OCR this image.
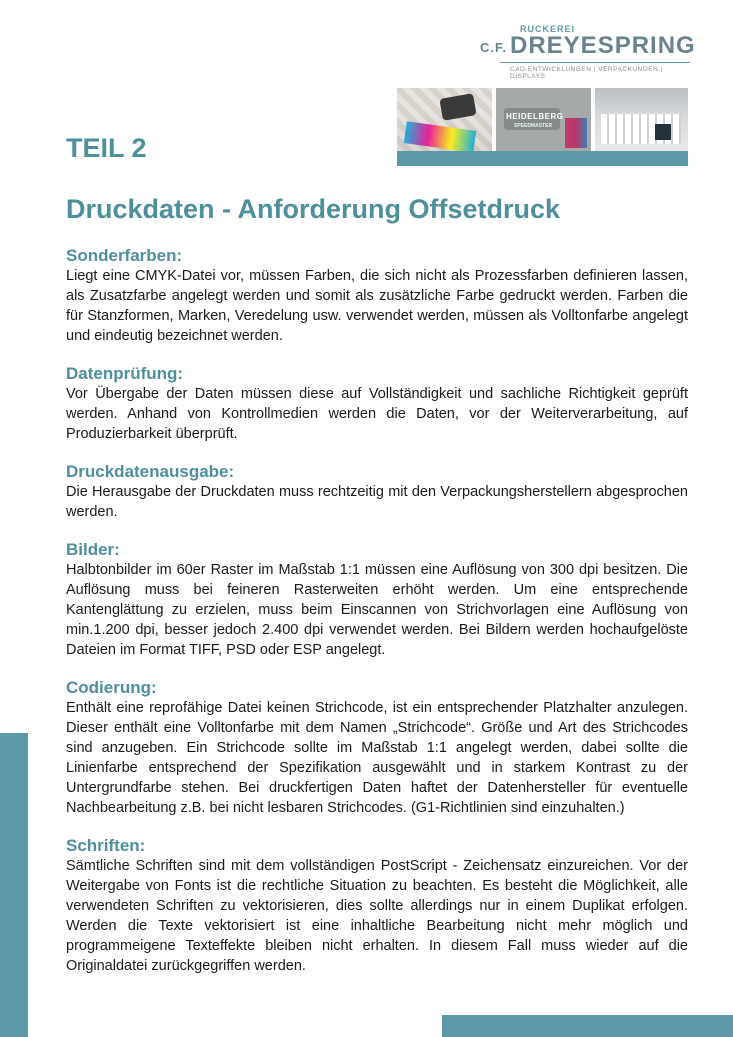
C.F.
RUCKEREI
DREYESPRING
CAD-ENTWICKLUNGEN | VERPACKUNGEN | DISPLAYS
HEIDELBERG
SPEEDMASTER
TEIL 2
Druckdaten - Anforderung Offsetdruck
Sonderfarben:

Liegt eine CMYK-Datei vor, müssen Farben, die sich nicht als Prozessfarben definieren lassen, als Zusatzfarbe angelegt werden und somit als zusätzliche Farbe gedruckt werden. Farben die für Stanzformen, Marken, Veredelung usw. verwendet werden, müssen als Volltonfarbe angelegt und eindeutig bezeichnet werden.

Datenprüfung:

Vor Übergabe der Daten müssen diese auf Vollständigkeit und sachliche Richtigkeit geprüft werden. Anhand von Kontrollmedien werden die Daten, vor der Weiterverarbeitung, auf Produzierbarkeit überprüft.

Druckdatenausgabe:

Die Herausgabe der Druckdaten muss rechtzeitig mit den Verpackungsherstellern abgesprochen werden.

Bilder:

Halbtonbilder im 60er Raster im Maßstab 1:1 müssen eine Auflösung von 300 dpi besitzen. Die Auflösung muss bei feineren Rasterweiten erhöht werden. Um eine entsprechende Kantenglättung zu erzielen, muss beim Einscannen von Strichvorlagen eine Auflösung von min.1.200 dpi, besser jedoch 2.400 dpi verwendet werden. Bei Bildern werden hochaufgelöste Dateien im Format TIFF, PSD oder ESP angelegt.

Codierung:

Enthält eine reprofähige Datei keinen Strichcode, ist ein entsprechender Platzhalter anzulegen. Dieser enthält eine Volltonfarbe mit dem Namen „Strichcode“. Größe und Art des Strichcodes sind anzugeben. Ein Strichcode sollte im Maßstab 1:1 angelegt werden, dabei sollte die Linienfarbe entsprechend der Spezifikation ausgewählt und in starkem Kontrast zu der Untergrundfarbe stehen. Bei druckfertigen Daten haftet der Datenhersteller für eventuelle Nachbearbeitung z.B. bei nicht lesbaren Strichcodes. (G1-Richtlinien sind einzuhalten.)

Schriften:

Sämtliche Schriften sind mit dem vollständigen PostScript - Zeichensatz einzureichen. Vor der Weitergabe von Fonts ist die rechtliche Situation zu beachten. Es besteht die Möglichkeit, alle verwendeten Schriften zu vektorisieren, dies sollte allerdings nur in einem Duplikat erfolgen. Werden die Texte vektorisiert ist eine inhaltliche Bearbeitung nicht mehr möglich und programmeigene Texteffekte bleiben nicht erhalten. In diesem Fall muss wieder auf die Originaldatei zurückgegriffen werden.
